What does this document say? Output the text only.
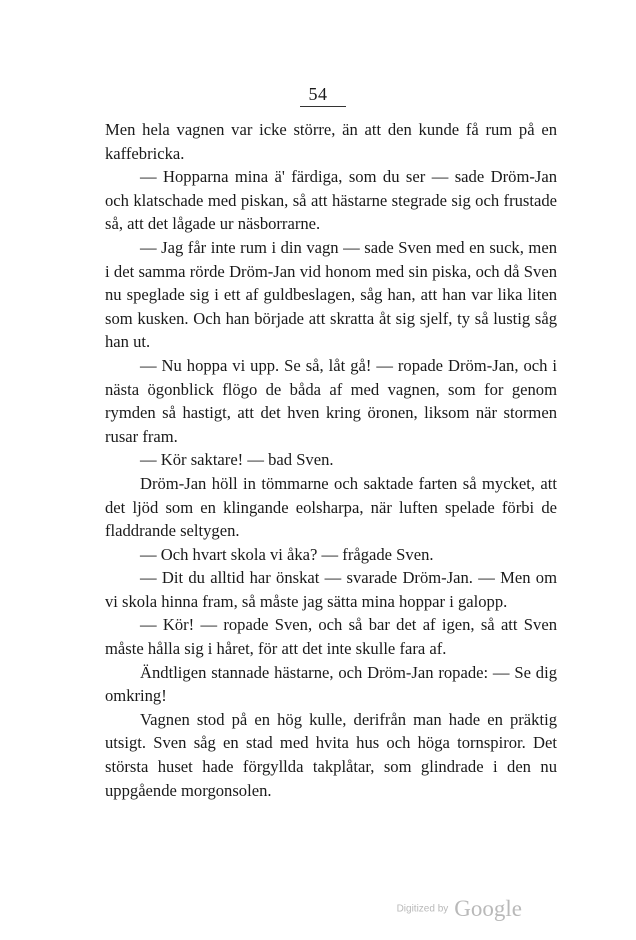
54

Men hela vagnen var icke större, än att den kunde få rum på en kaffebricka.

— Hopparna mina ä' färdiga, som du ser — sade Dröm-Jan och klatschade med piskan, så att hästarne stegrade sig och frustade så, att det lågade ur näsborrarne.

— Jag får inte rum i din vagn — sade Sven med en suck, men i det samma rörde Dröm-Jan vid honom med sin piska, och då Sven nu speglade sig i ett af guldbeslagen, såg han, att han var lika liten som kusken. Och han började att skratta åt sig sjelf, ty så lustig såg han ut.

— Nu hoppa vi upp. Se så, låt gå! — ropade Dröm-Jan, och i nästa ögonblick flögo de båda af med vagnen, som for genom rymden så hastigt, att det hven kring öronen, liksom när stormen rusar fram.

— Kör saktare! — bad Sven.

Dröm-Jan höll in tömmarne och saktade farten så mycket, att det ljöd som en klingande eolsharpa, när luften spelade förbi de fladdrande seltygen.

— Och hvart skola vi åka? — frågade Sven.

— Dit du alltid har önskat — svarade Dröm-Jan. — Men om vi skola hinna fram, så måste jag sätta mina hoppar i galopp.

— Kör! — ropade Sven, och så bar det af igen, så att Sven måste hålla sig i håret, för att det inte skulle fara af.

Ändtligen stannade hästarne, och Dröm-Jan ropade: — Se dig omkring!

Vagnen stod på en hög kulle, derifrån man hade en präktig utsigt. Sven såg en stad med hvita hus och höga tornspiror. Det största huset hade förgyllda takplåtar, som glindrade i den nu uppgående morgonsolen.

Digitized by Google
